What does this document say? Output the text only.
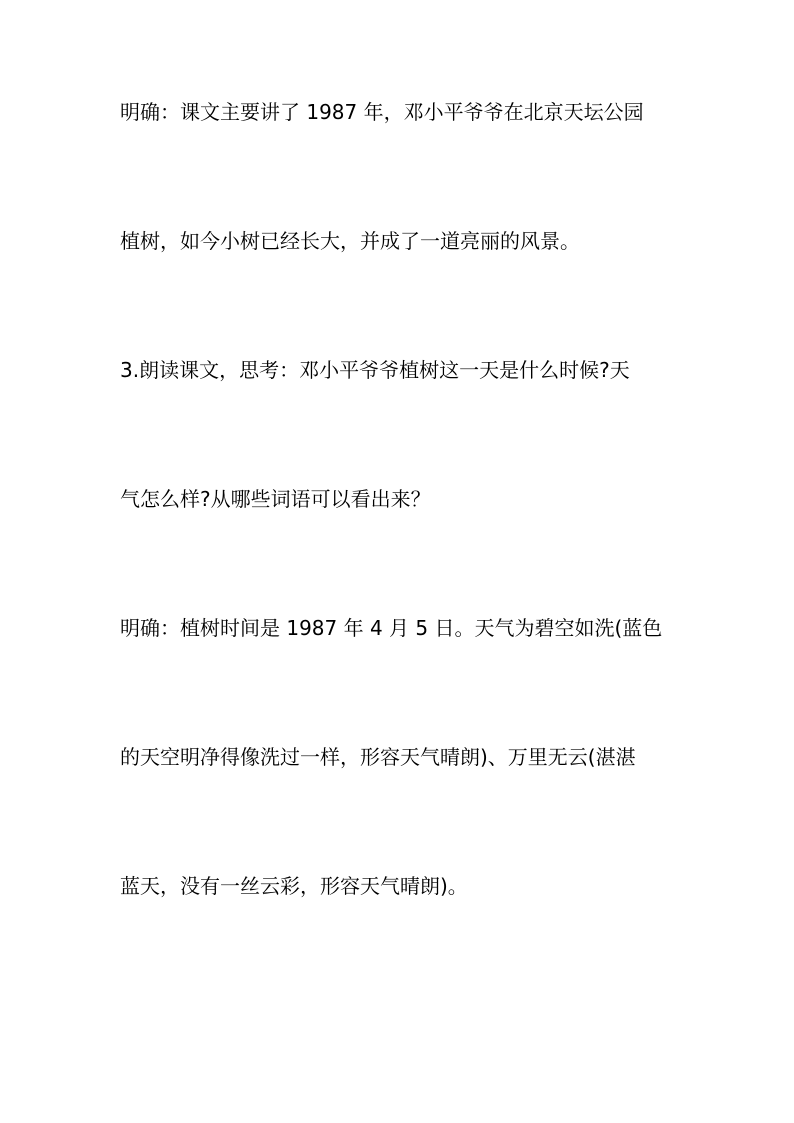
明确：课文主要讲了 1987 年，邓小平爷爷在北京天坛公园
植树，如今小树已经长大，并成了一道亮丽的风景。
3.朗读课文，思考：邓小平爷爷植树这一天是什么时候?天
气怎么样?从哪些词语可以看出来？
明确：植树时间是 1987 年 4 月 5 日。天气为碧空如洗(蓝色
的天空明净得像洗过一样，形容天气晴朗)、万里无云(湛湛
蓝天，没有一丝云彩，形容天气晴朗)。
